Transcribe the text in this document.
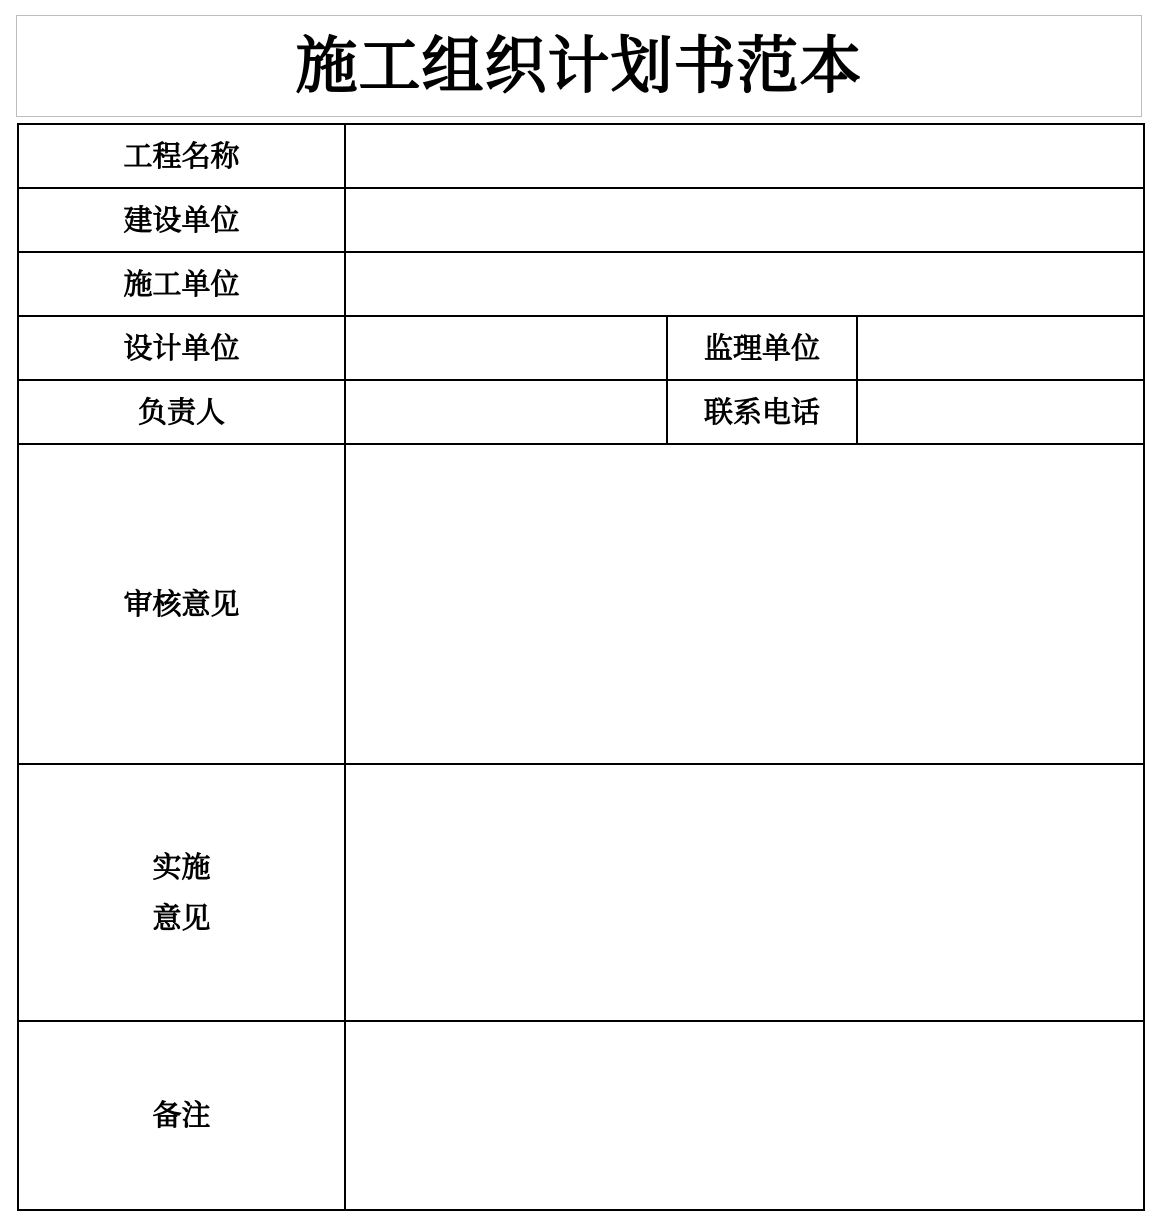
施工组织计划书范本
工程名称			
建设单位			
施工单位			
设计单位		监理单位	
负责人		联系电话	
审核意见			

实施
意见			

备注			
